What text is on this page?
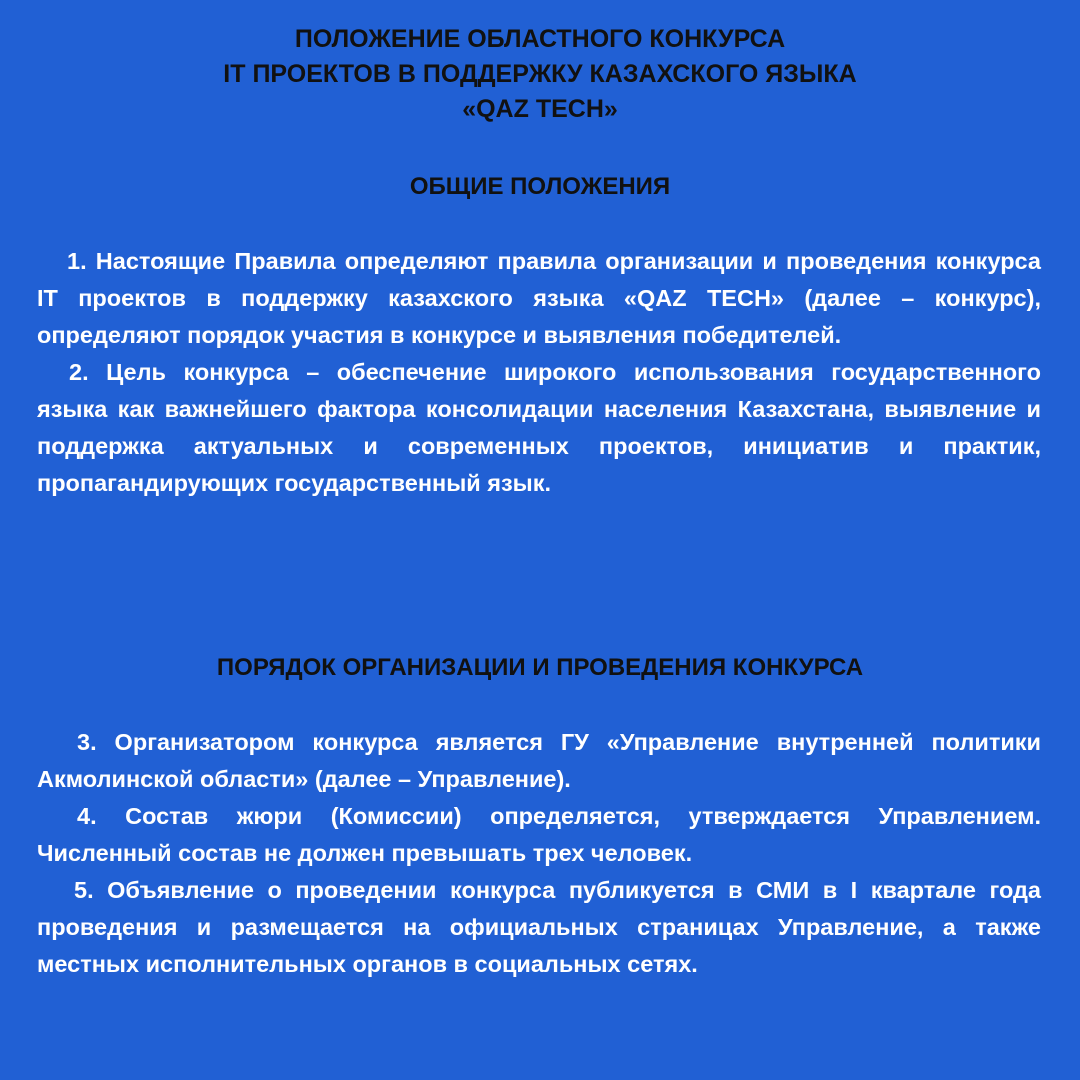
ПОЛОЖЕНИЕ ОБЛАСТНОГО КОНКУРСА
IT ПРОЕКТОВ В ПОДДЕРЖКУ КАЗАХСКОГО ЯЗЫКА
«QAZ TECH»
ОБЩИЕ ПОЛОЖЕНИЯ

1. Настоящие Правила определяют правила организации и проведения конкурса IT проектов в поддержку казахского языка «QAZ TECH» (далее – конкурс), определяют порядок участия в конкурсе и выявления победителей.

2. Цель конкурса – обеспечение широкого использования государственного языка как важнейшего фактора консолидации населения Казахстана, выявление и поддержка актуальных и современных проектов, инициатив и практик, пропагандирующих государственный язык.

ПОРЯДОК ОРГАНИЗАЦИИ И ПРОВЕДЕНИЯ КОНКУРСА

3. Организатором конкурса является ГУ «Управление внутренней политики Акмолинской области» (далее – Управление).

4. Состав жюри (Комиссии) определяется, утверждается Управлением. Численный состав не должен превышать трех человек.

5. Объявление о проведении конкурса публикуется в СМИ в I квартале года проведения и размещается на официальных страницах Управление, а также местных исполнительных органов в социальных сетях.
